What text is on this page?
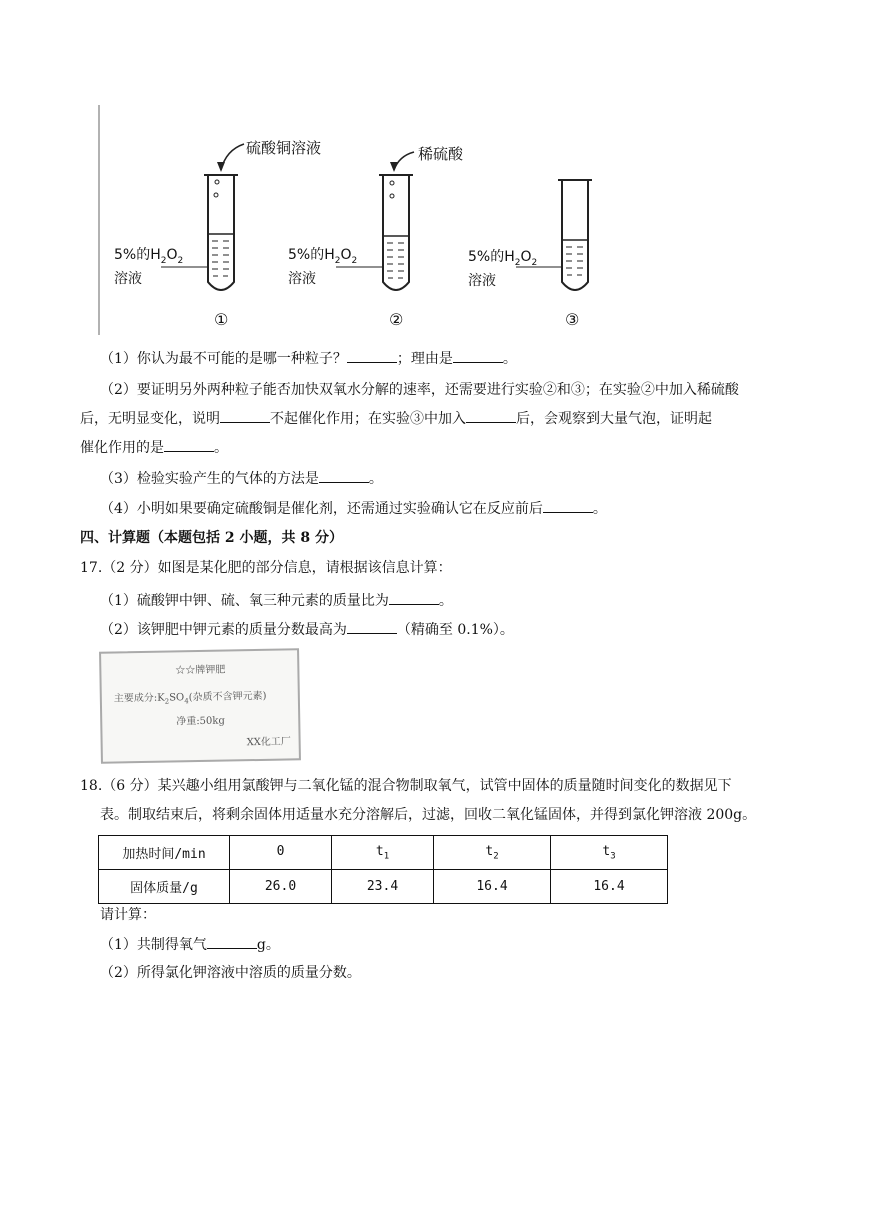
硫酸铜溶液	稀硫酸
5%的$H_2O_2$
溶液
5%的$H_2O_2$
溶液
5%的$H_2O_2$
溶液
①	②	③
（1）你认为最不可能的是哪一种粒子？	；理由是	。
（2）要证明另外两种粒子能否加快双氧水分解的速率，还需要进行实验②和③；在实验②中加入稀硫酸
后，无明显变化，说明	不起催化作用；在实验③中加入	后，会观察到大量气泡，证明起
催化作用的是	。
（3）检验实验产生的气体的方法是	。
（4）小明如果要确定硫酸铜是催化剂，还需通过实验确认它在反应前后	。
四、计算题（本题包括 2 小题，共 8 分）
17.（2 分）如图是某化肥的部分信息，请根据该信息计算：
（1）硫酸钾中钾、硫、氧三种元素的质量比为	。
（2）该钾肥中钾元素的质量分数最高为	（精确至 0.1%）。
☆☆牌钾肥
主要成分$:K_2SO_4$(杂质不含钾元素)
净重:50kg
XX化工厂
18.（6 分）某兴趣小组用氯酸钾与二氧化锰的混合物制取氧气，试管中固体的质量随时间变化的数据见下
表。制取结束后，将剩余固体用适量水充分溶解后，过滤，回收二氧化锰固体，并得到氯化钾溶液 200g。
加热时间/min	0	$t_1$	$t_2$	$t_3$
固体质量/g	26.0	23.4	16.4	16.4
请计算：
（1）共制得氧气	g。
（2）所得氯化钾溶液中溶质的质量分数。
